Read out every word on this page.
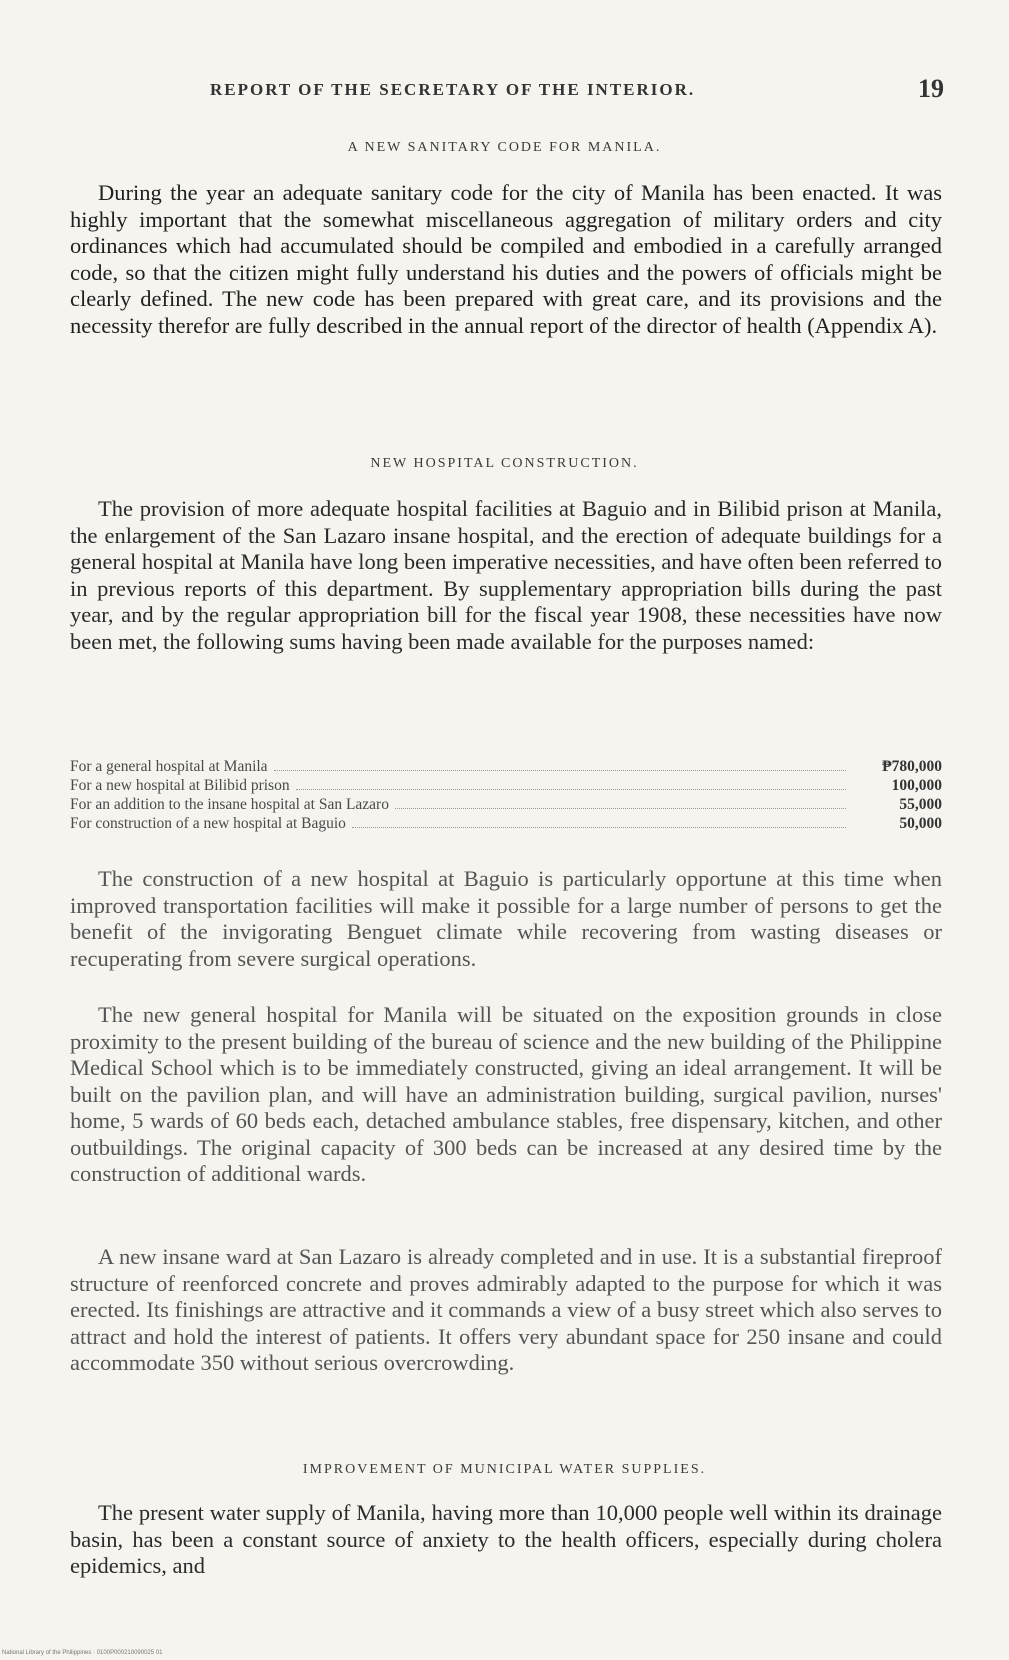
REPORT OF THE SECRETARY OF THE INTERIOR.	19
A NEW SANITARY CODE FOR MANILA.

During the year an adequate sanitary code for the city of Manila has been enacted. It was highly important that the somewhat miscellaneous aggregation of military orders and city ordinances which had accumulated should be compiled and embodied in a carefully arranged code, so that the citizen might fully understand his duties and the powers of officials might be clearly defined. The new code has been prepared with great care, and its provisions and the necessity therefor are fully described in the annual report of the director of health (Appendix A).

NEW HOSPITAL CONSTRUCTION.

The provision of more adequate hospital facilities at Baguio and in Bilibid prison at Manila, the enlargement of the San Lazaro insane hospital, and the erection of adequate buildings for a general hospital at Manila have long been imperative necessities, and have often been referred to in previous reports of this department. By supplementary appropriation bills during the past year, and by the regular appropriation bill for the fiscal year 1908, these necessities have now been met, the following sums having been made available for the purposes named:

For a general hospital at Manila	₱780,000
For a new hospital at Bilibid prison	100,000
For an addition to the insane hospital at San Lazaro	55,000
For construction of a new hospital at Baguio	50,000

The construction of a new hospital at Baguio is particularly opportune at this time when improved transportation facilities will make it possible for a large number of persons to get the benefit of the invigorating Benguet climate while recovering from wasting diseases or recuperating from severe surgical operations.

The new general hospital for Manila will be situated on the exposition grounds in close proximity to the present building of the bureau of science and the new building of the Philippine Medical School which is to be immediately constructed, giving an ideal arrangement. It will be built on the pavilion plan, and will have an administration building, surgical pavilion, nurses' home, 5 wards of 60 beds each, detached ambulance stables, free dispensary, kitchen, and other outbuildings. The original capacity of 300 beds can be increased at any desired time by the construction of additional wards.

A new insane ward at San Lazaro is already completed and in use. It is a substantial fireproof structure of reenforced concrete and proves admirably adapted to the purpose for which it was erected. Its finishings are attractive and it commands a view of a busy street which also serves to attract and hold the interest of patients. It offers very abundant space for 250 insane and could accommodate 350 without serious overcrowding.

IMPROVEMENT OF MUNICIPAL WATER SUPPLIES.

The present water supply of Manila, having more than 10,000 people well within its drainage basin, has been a constant source of anxiety to the health officers, especially during cholera epidemics, and

National Library of the Philippines · 0100P000210090025 01
